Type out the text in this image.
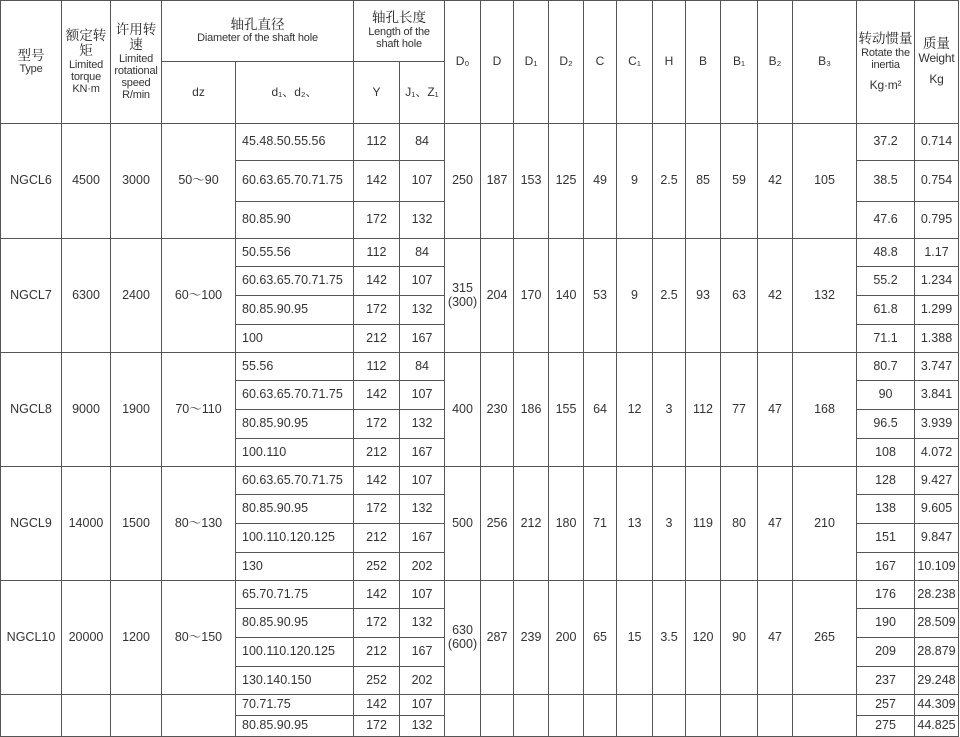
型号
Type	额定转矩
Limited
torque
KN·m	许用转速
Limited
rotational
speed
R/min	轴孔直径
Diameter of the shaft hole		轴孔长度
Length of the
shaft hole		D₀	D	D₁	D₂	C	C₁	H	B	B₁	B₂	B₃	转动惯量
Rotate the
inertia
Kg·m²	质量
Weight
Kg

			dz	d₁、d₂、	Y	J₁、Z₁													
NGCL6	4500	3000	50～90	45.48.50.55.56	112	84	250	187	153	125	49	9	2.5	85	59	42	105	37.2	0.714
				60.63.65.70.71.75	142	107												38.5	0.754
				80.85.90	172	132												47.6	0.795
NGCL7	6300	2400	60～100	50.55.56	112	84	315
(300)	204	170	140	53	9	2.5	93	63	42	132	48.8	1.17
				60.63.65.70.71.75	142	107												55.2	1.234
				80.85.90.95	172	132												61.8	1.299
				100	212	167												71.1	1.388
NGCL8	9000	1900	70～110	55.56	112	84	400	230	186	155	64	12	3	112	77	47	168	80.7	3.747
				60.63.65.70.71.75	142	107												90	3.841
				80.85.90.95	172	132												96.5	3.939
				100.110	212	167												108	4.072
NGCL9	14000	1500	80～130	60.63.65.70.71.75	142	107	500	256	212	180	71	13	3	119	80	47	210	128	9.427
				80.85.90.95	172	132												138	9.605
				100.110.120.125	212	167												151	9.847
				130	252	202												167	10.109
NGCL10	20000	1200	80～150	65.70.71.75	142	107	630
(600)	287	239	200	65	15	3.5	120	90	47	265	176	28.238
				80.85.90.95	172	132												190	28.509
				100.110.120.125	212	167												209	28.879
				130.140.150	252	202												237	29.248
				70.71.75	142	107												257	44.309
				80.85.90.95	172	132												275	44.825
